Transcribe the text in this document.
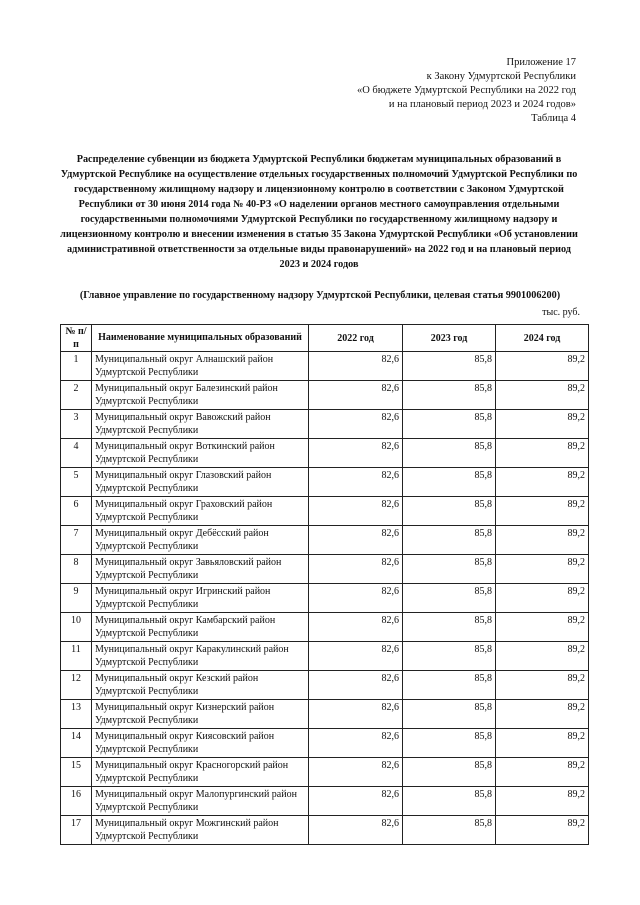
Приложение 17
к Закону Удмуртской Республики
«О бюджете Удмуртской Республики на 2022 год
и на плановый период 2023 и 2024 годов»
Таблица 4
Распределение субвенции из бюджета Удмуртской Республики бюджетам муниципальных образований в Удмуртской Республике на осуществление отдельных государственных полномочий Удмуртской Республики по государственному жилищному надзору и лицензионному контролю в соответствии с Законом Удмуртской Республики от 30 июня 2014 года № 40-РЗ «О наделении органов местного самоуправления отдельными государственными полномочиями Удмуртской Республики по государственному жилищному надзору и лицензионному контролю и внесении изменения в статью 35 Закона Удмуртской Республики «Об установлении административной ответственности за отдельные виды правонарушений» на 2022 год и на плановый период 2023 и 2024 годов
(Главное управление по государственному надзору Удмуртской Республики, целевая статья 9901006200)
тыс. руб.
№ п/п	Наименование муниципальных образований	2022 год	2023 год	2024 год
1	Муниципальный округ Алнашский район Удмуртской Республики	82,6	85,8	89,2
2	Муниципальный округ Балезинский район Удмуртской Республики	82,6	85,8	89,2
3	Муниципальный округ Вавожский район Удмуртской Республики	82,6	85,8	89,2
4	Муниципальный округ Воткинский район Удмуртской Республики	82,6	85,8	89,2
5	Муниципальный округ Глазовский район Удмуртской Республики	82,6	85,8	89,2
6	Муниципальный округ Граховский район Удмуртской Республики	82,6	85,8	89,2
7	Муниципальный округ Дебёсский район Удмуртской Республики	82,6	85,8	89,2
8	Муниципальный округ Завьяловский район Удмуртской Республики	82,6	85,8	89,2
9	Муниципальный округ Игринский район Удмуртской Республики	82,6	85,8	89,2
10	Муниципальный округ Камбарский район Удмуртской Республики	82,6	85,8	89,2
11	Муниципальный округ Каракулинский район Удмуртской Республики	82,6	85,8	89,2
12	Муниципальный округ Кезский район Удмуртской Республики	82,6	85,8	89,2
13	Муниципальный округ Кизнерский район Удмуртской Республики	82,6	85,8	89,2
14	Муниципальный округ Киясовский район Удмуртской Республики	82,6	85,8	89,2
15	Муниципальный округ Красногорский район Удмуртской Республики	82,6	85,8	89,2
16	Муниципальный округ Малопургинский район Удмуртской Республики	82,6	85,8	89,2
17	Муниципальный округ Можгинский район Удмуртской Республики	82,6	85,8	89,2
